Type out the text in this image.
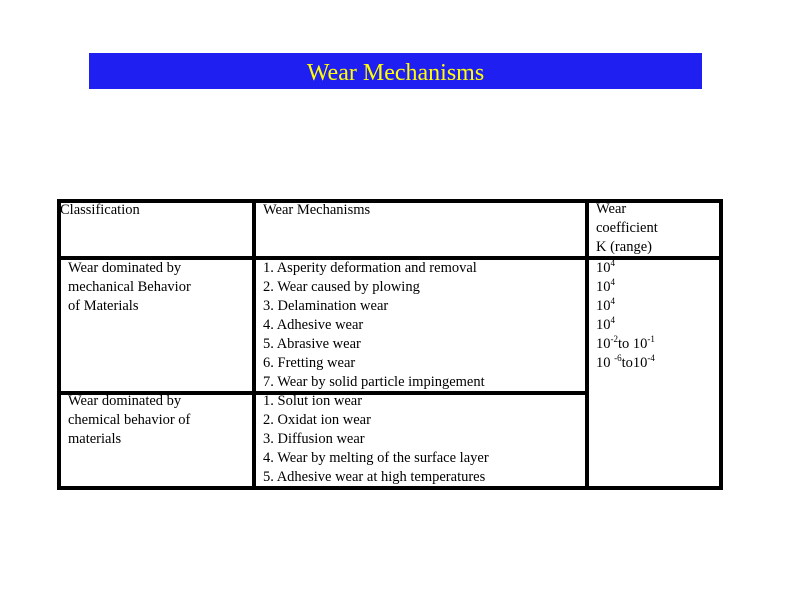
Wear Mechanisms
Classification	Wear Mechanisms	Wear
coefficient
K (range)
Wear dominated by
mechanical Behavior
of Materials
1. Asperity deformation and removal
2. Wear caused by plowing
3. Delamination wear
4. Adhesive wear
5. Abrasive wear
6. Fretting wear
7. Wear by solid particle impingement
Wear dominated by
chemical behavior of
materials
1. Solut ion wear
2. Oxidat ion wear
3. Diffusion wear
4. Wear by melting of the surface layer
5. Adhesive wear at high temperatures
$10^4$
$10^4$
$10^4$
$10^4$
$10^{-2}to$ $10^{-1}$
10 $^{-6}to10^{-4}$
